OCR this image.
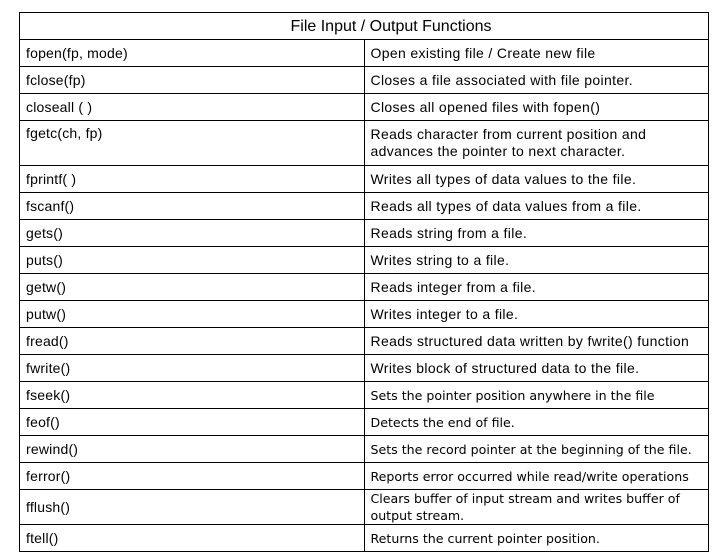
File Input / Output Functions	
fopen(fp, mode)	Open existing file / Create new file
fclose(fp)	Closes a file associated with file pointer.
closeall ( )	Closes all opened files with fopen()
fgetc(ch, fp)	Reads character from current position and advances the pointer to next character.
fprintf( )	Writes all types of data values to the file.
fscanf()	Reads all types of data values from a file.
gets()	Reads string from a file.
puts()	Writes string to a file.
getw()	Reads integer from a file.
putw()	Writes integer to a file.
fread()	Reads structured data written by fwrite() function
fwrite()	Writes block of structured data to the file.
fseek()	Sets the pointer position anywhere in the file
feof()	Detects the end of file.
rewind()	Sets the record pointer at the beginning of the file.
ferror()	Reports error occurred while read/write operations
fflush()	Clears buffer of input stream and writes buffer of output stream.
ftell()	Returns the current pointer position.
